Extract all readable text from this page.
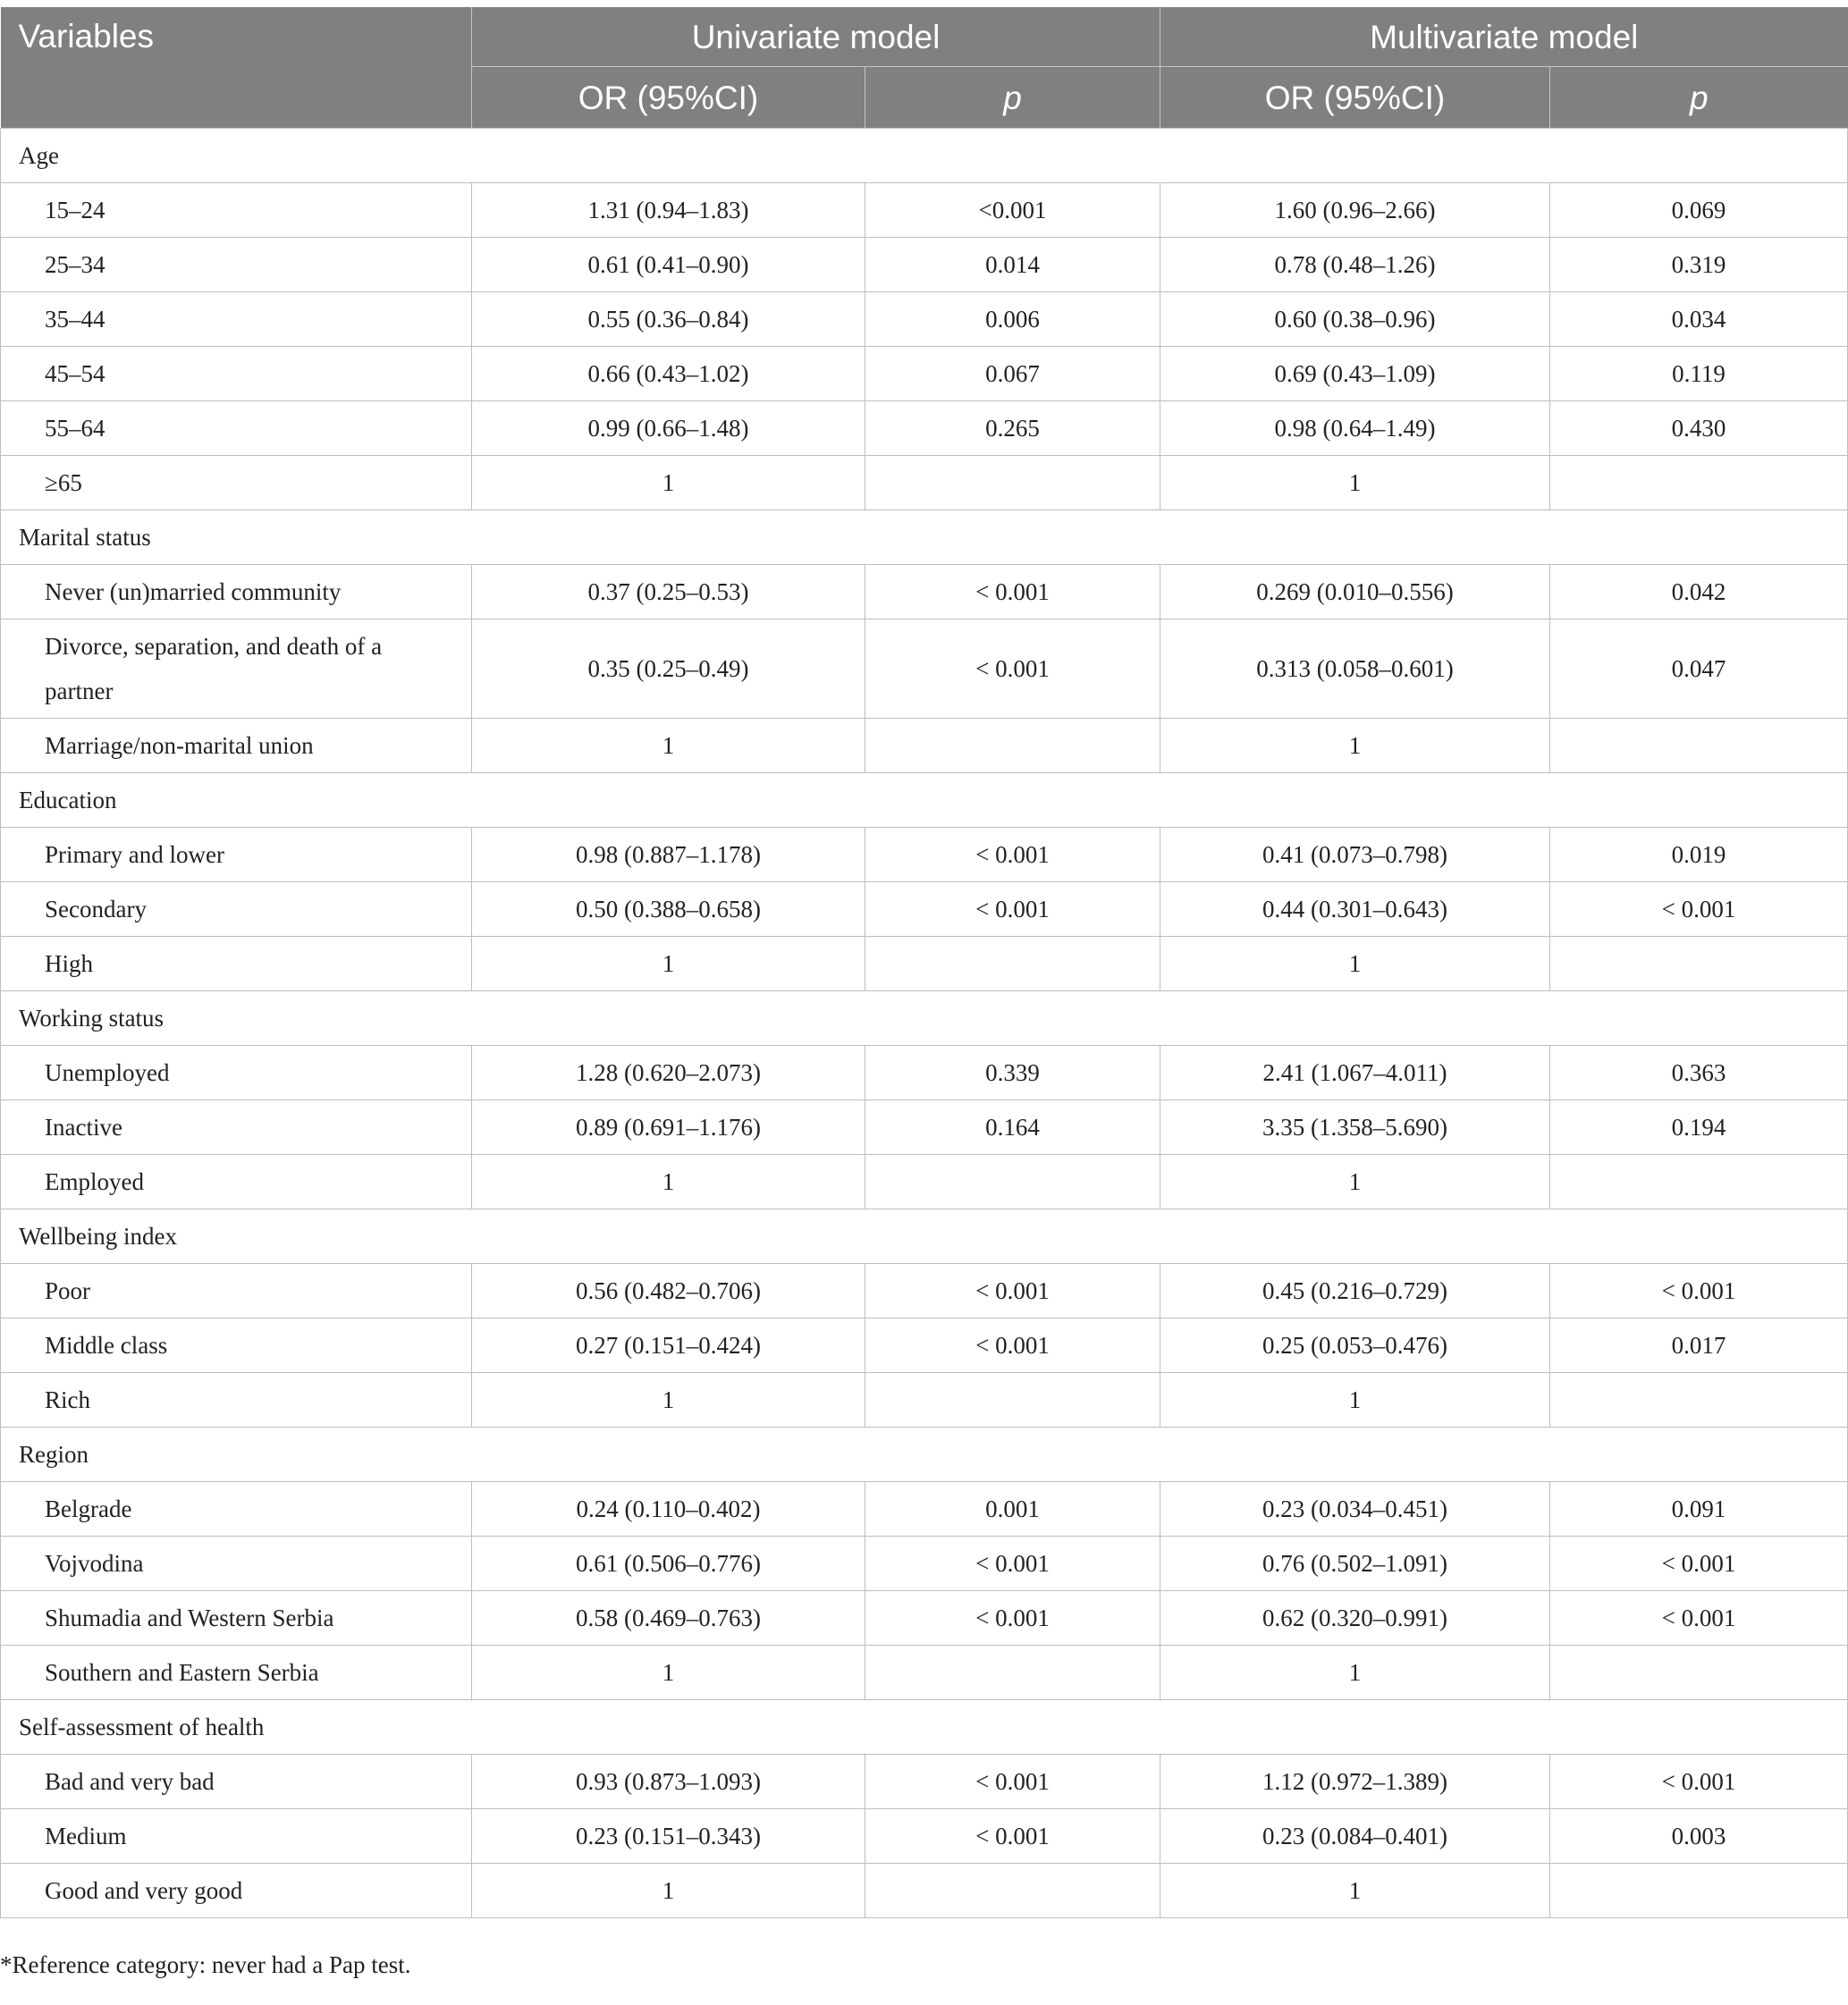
Variables	Univariate model		Multivariate model	
	OR (95%CI)	p	OR (95%CI)	p
Age				
15–24	1.31 (0.94–1.83)	<0.001	1.60 (0.96–2.66)	0.069
25–34	0.61 (0.41–0.90)	0.014	0.78 (0.48–1.26)	0.319
35–44	0.55 (0.36–0.84)	0.006	0.60 (0.38–0.96)	0.034
45–54	0.66 (0.43–1.02)	0.067	0.69 (0.43–1.09)	0.119
55–64	0.99 (0.66–1.48)	0.265	0.98 (0.64–1.49)	0.430
≥65	1		1	
Marital status				
Never (un)married community	0.37 (0.25–0.53)	< 0.001	0.269 (0.010–0.556)	0.042
Divorce, separation, and death of a partner	0.35 (0.25–0.49)	< 0.001	0.313 (0.058–0.601)	0.047
Marriage/non-marital union	1		1	
Education				
Primary and lower	0.98 (0.887–1.178)	< 0.001	0.41 (0.073–0.798)	0.019
Secondary	0.50 (0.388–0.658)	< 0.001	0.44 (0.301–0.643)	< 0.001
High	1		1	
Working status				
Unemployed	1.28 (0.620–2.073)	0.339	2.41 (1.067–4.011)	0.363
Inactive	0.89 (0.691–1.176)	0.164	3.35 (1.358–5.690)	0.194
Employed	1		1	
Wellbeing index				
Poor	0.56 (0.482–0.706)	< 0.001	0.45 (0.216–0.729)	< 0.001
Middle class	0.27 (0.151–0.424)	< 0.001	0.25 (0.053–0.476)	0.017
Rich	1		1	
Region				
Belgrade	0.24 (0.110–0.402)	0.001	0.23 (0.034–0.451)	0.091
Vojvodina	0.61 (0.506–0.776)	< 0.001	0.76 (0.502–1.091)	< 0.001
Shumadia and Western Serbia	0.58 (0.469–0.763)	< 0.001	0.62 (0.320–0.991)	< 0.001
Southern and Eastern Serbia	1		1	
Self-assessment of health				
Bad and very bad	0.93 (0.873–1.093)	< 0.001	1.12 (0.972–1.389)	< 0.001
Medium	0.23 (0.151–0.343)	< 0.001	0.23 (0.084–0.401)	0.003
Good and very good	1		1	
*Reference category: never had a Pap test.
